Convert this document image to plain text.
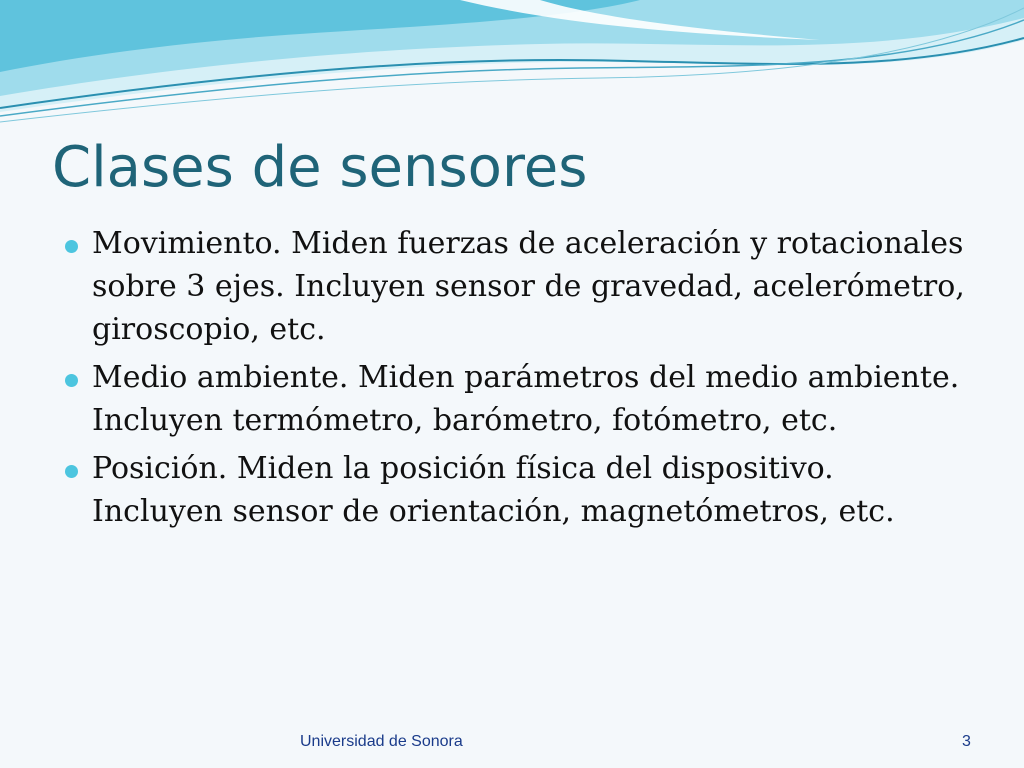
Clases de sensores
Movimiento. Miden fuerzas de aceleración y rotacionales sobre 3 ejes. Incluyen sensor de gravedad, acelerómetro, giroscopio, etc.
Medio ambiente. Miden parámetros del medio ambiente. Incluyen termómetro, barómetro, fotómetro, etc.
Posición. Miden la posición física del dispositivo. Incluyen sensor de orientación, magnetómetros, etc.
Universidad de Sonora	3
